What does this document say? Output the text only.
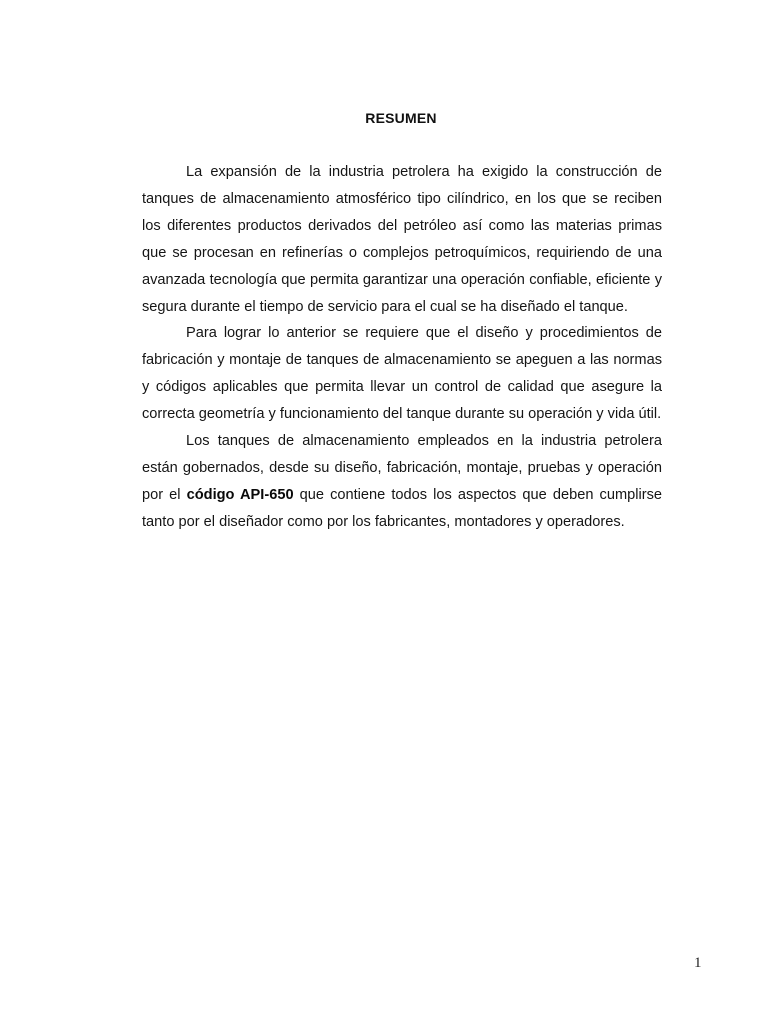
RESUMEN

La expansión de la industria petrolera ha exigido la construcción de tanques de almacenamiento atmosférico tipo cilíndrico, en los que se reciben los diferentes productos derivados del petróleo así como las materias primas que se procesan en refinerías o complejos petroquímicos, requiriendo de una avanzada tecnología que permita garantizar una operación confiable, eficiente y segura durante el tiempo de servicio para el cual se ha diseñado el tanque.

Para lograr lo anterior se requiere que el diseño y procedimientos de fabricación y montaje de tanques de almacenamiento se apeguen a las normas y códigos aplicables que permita llevar un control de calidad que asegure la correcta geometría y funcionamiento del tanque durante su operación y vida útil.

Los tanques de almacenamiento empleados en la industria petrolera están gobernados, desde su diseño, fabricación, montaje, pruebas y operación por el código API-650 que contiene todos los aspectos que deben cumplirse tanto por el diseñador como por los fabricantes, montadores y operadores.

1
